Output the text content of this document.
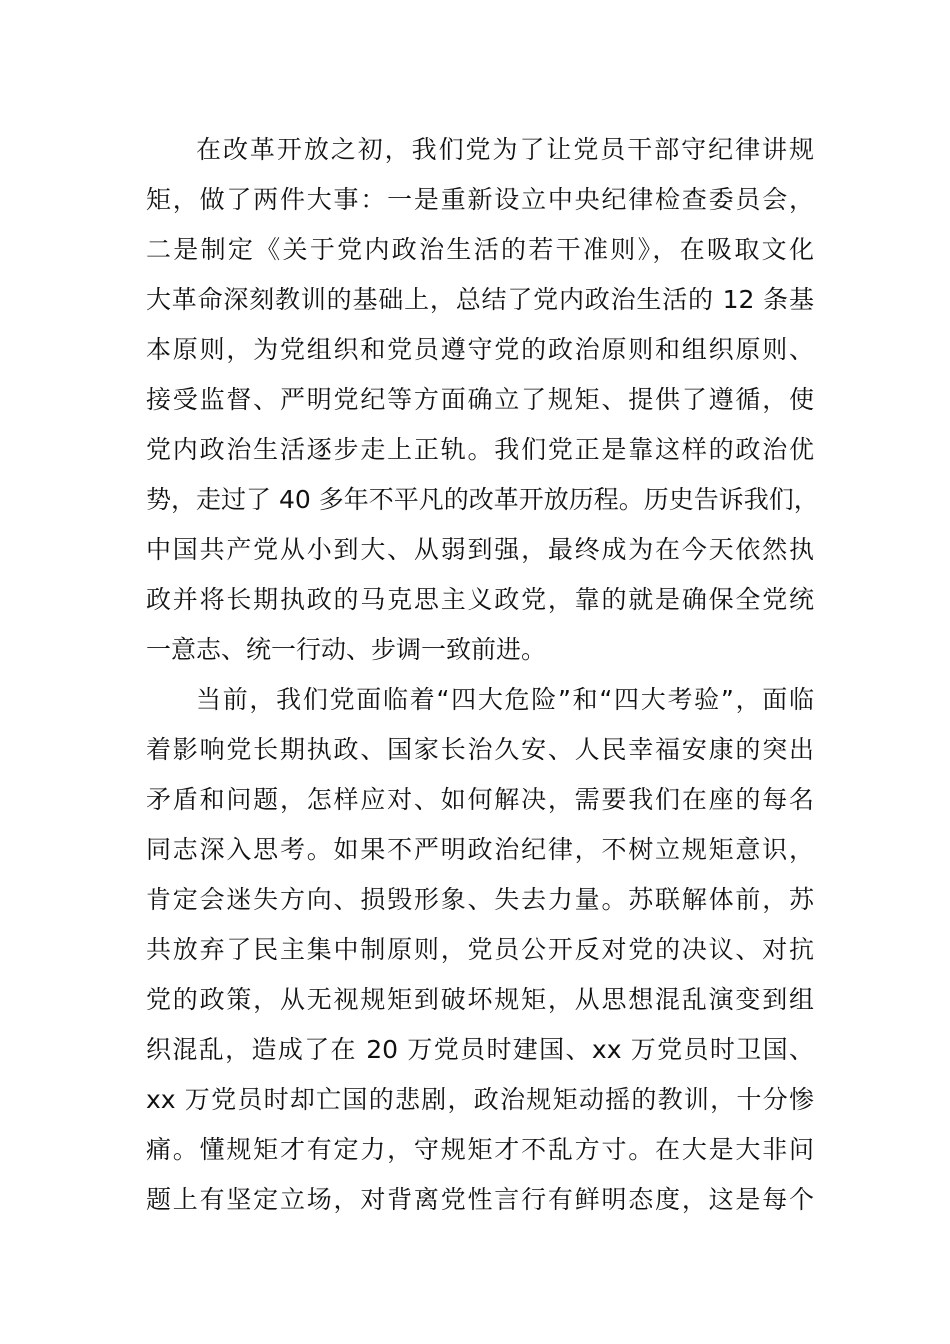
在改革开放之初，我们党为了让党员干部守纪律讲规
矩，做了两件大事：一是重新设立中央纪律检查委员会，
二是制定《关于党内政治生活的若干准则》，在吸取文化
大革命深刻教训的基础上，总结了党内政治生活的 12 条基
本原则，为党组织和党员遵守党的政治原则和组织原则、
接受监督、严明党纪等方面确立了规矩、提供了遵循，使
党内政治生活逐步走上正轨。我们党正是靠这样的政治优
势，走过了 40 多年不平凡的改革开放历程。历史告诉我们，
中国共产党从小到大、从弱到强，最终成为在今天依然执
政并将长期执政的马克思主义政党，靠的就是确保全党统
一意志、统一行动、步调一致前进。
当前，我们党面临着“四大危险”和“四大考验”，面临
着影响党长期执政、国家长治久安、人民幸福安康的突出
矛盾和问题，怎样应对、如何解决，需要我们在座的每名
同志深入思考。如果不严明政治纪律，不树立规矩意识，
肯定会迷失方向、损毁形象、失去力量。苏联解体前，苏
共放弃了民主集中制原则，党员公开反对党的决议、对抗
党的政策，从无视规矩到破坏规矩，从思想混乱演变到组
织混乱，造成了在 20 万党员时建国、xx 万党员时卫国、
xx 万党员时却亡国的悲剧，政治规矩动摇的教训，十分惨
痛。懂规矩才有定力，守规矩才不乱方寸。在大是大非问
题上有坚定立场，对背离党性言行有鲜明态度，这是每个
